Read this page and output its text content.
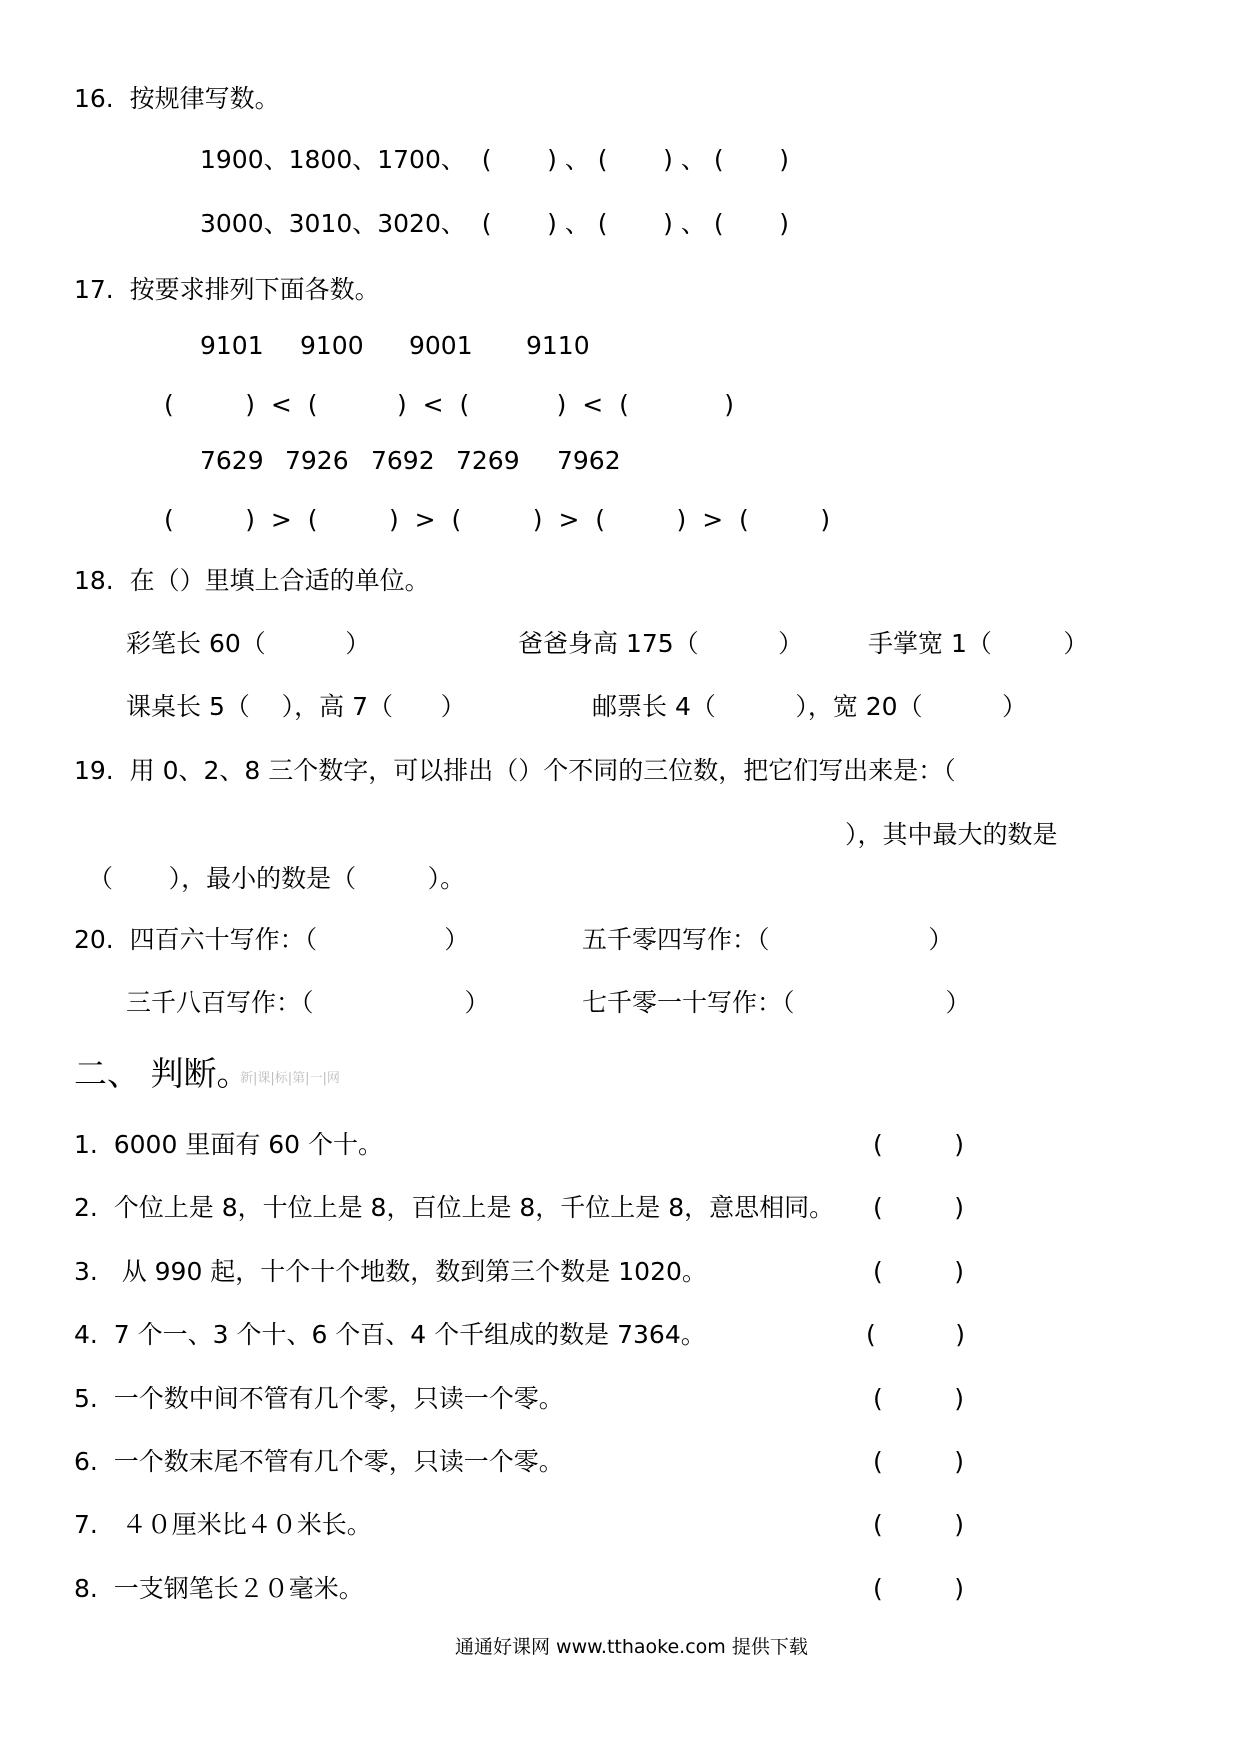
16.  按规律写数。
1900、1800、1700、  (       ) 、 (       ) 、 (       )
3000、3010、3020、  (       ) 、 (       ) 、 (       )
17.  按要求排列下面各数。
9101 9100 9001 9110
(         )  <  (          )  <  (           )  <  (            )
7629 7926 7692 7269 7962
(         )  >  (         )  >  (         )  >  (         )  >  (         )
18.  在（）里填上合适的单位。
彩笔长 60（          ）	爸爸身高 175（          ）	手掌宽 1（         ）
课桌长 5（    ），高 7（      ）	邮票长 4（          ），宽 20（          ）
19.  用 0、2、8 三个数字，可以排出（）个不同的三位数，把它们写出来是：（
），其中最大的数是
（       ），最小的数是（         ）。
20.  四百六十写作：（                ）	五千零四写作：（                    ）
三千八百写作：（                   ）	七千零一十写作：（                   ）
二、 判断。
新|课|标|第|一|网
1.  6000 里面有 60 个十。	(         )
2.  个位上是 8，十位上是 8，百位上是 8，千位上是 8，意思相同。 (         )
3.   从 990 起，十个十个地数，数到第三个数是 1020。	(         )
4.  7 个一、3 个十、6 个百、4 个千组成的数是 7364。	(          )
5.  一个数中间不管有几个零，只读一个零。	(         )
6.  一个数末尾不管有几个零，只读一个零。	(         )
7.   ４０厘米比４０米长。	(         )
8.  一支钢笔长２０毫米。	(         )
通通好课网 www.tthaoke.com 提供下载
